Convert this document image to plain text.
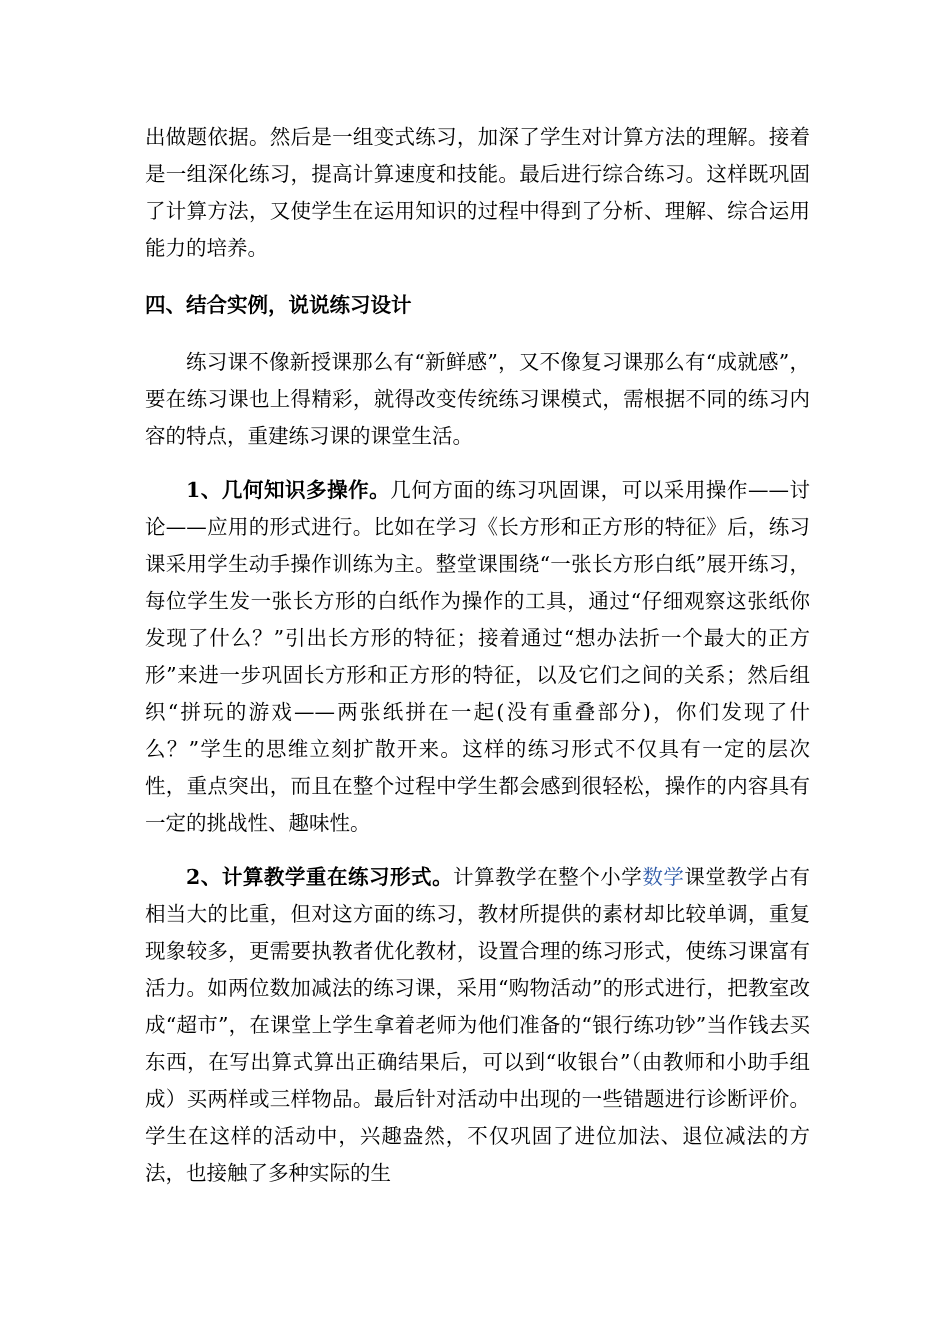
出做题依据。然后是一组变式练习，加深了学生对计算方法的理解。接着是一组深化练习，提高计算速度和技能。最后进行综合练习。这样既巩固了计算方法，又使学生在运用知识的过程中得到了分析、理解、综合运用能力的培养。

四、结合实例，说说练习设计

练习课不像新授课那么有“新鲜感”，又不像复习课那么有“成就感”，要在练习课也上得精彩，就得改变传统练习课模式，需根据不同的练习内容的特点，重建练习课的课堂生活。

1、几何知识多操作。几何方面的练习巩固课，可以采用操作——讨论——应用的形式进行。比如在学习《长方形和正方形的特征》后，练习课采用学生动手操作训练为主。整堂课围绕“一张长方形白纸”展开练习，每位学生发一张长方形的白纸作为操作的工具，通过“仔细观察这张纸你发现了什么？”引出长方形的特征；接着通过“想办法折一个最大的正方形”来进一步巩固长方形和正方形的特征，以及它们之间的关系；然后组织“拼玩的游戏——两张纸拼在一起(没有重叠部分)，你们发现了什么？”学生的思维立刻扩散开来。这样的练习形式不仅具有一定的层次性，重点突出，而且在整个过程中学生都会感到很轻松，操作的内容具有一定的挑战性、趣味性。

2、计算教学重在练习形式。计算教学在整个小学数学课堂教学占有相当大的比重，但对这方面的练习，教材所提供的素材却比较单调，重复现象较多，更需要执教者优化教材，设置合理的练习形式，使练习课富有活力。如两位数加减法的练习课，采用“购物活动”的形式进行，把教室改成“超市”，在课堂上学生拿着老师为他们准备的“银行练功钞”当作钱去买东西，在写出算式算出正确结果后，可以到“收银台”（由教师和小助手组成）买两样或三样物品。最后针对活动中出现的一些错题进行诊断评价。学生在这样的活动中，兴趣盎然，不仅巩固了进位加法、退位减法的方法，也接触了多种实际的生
